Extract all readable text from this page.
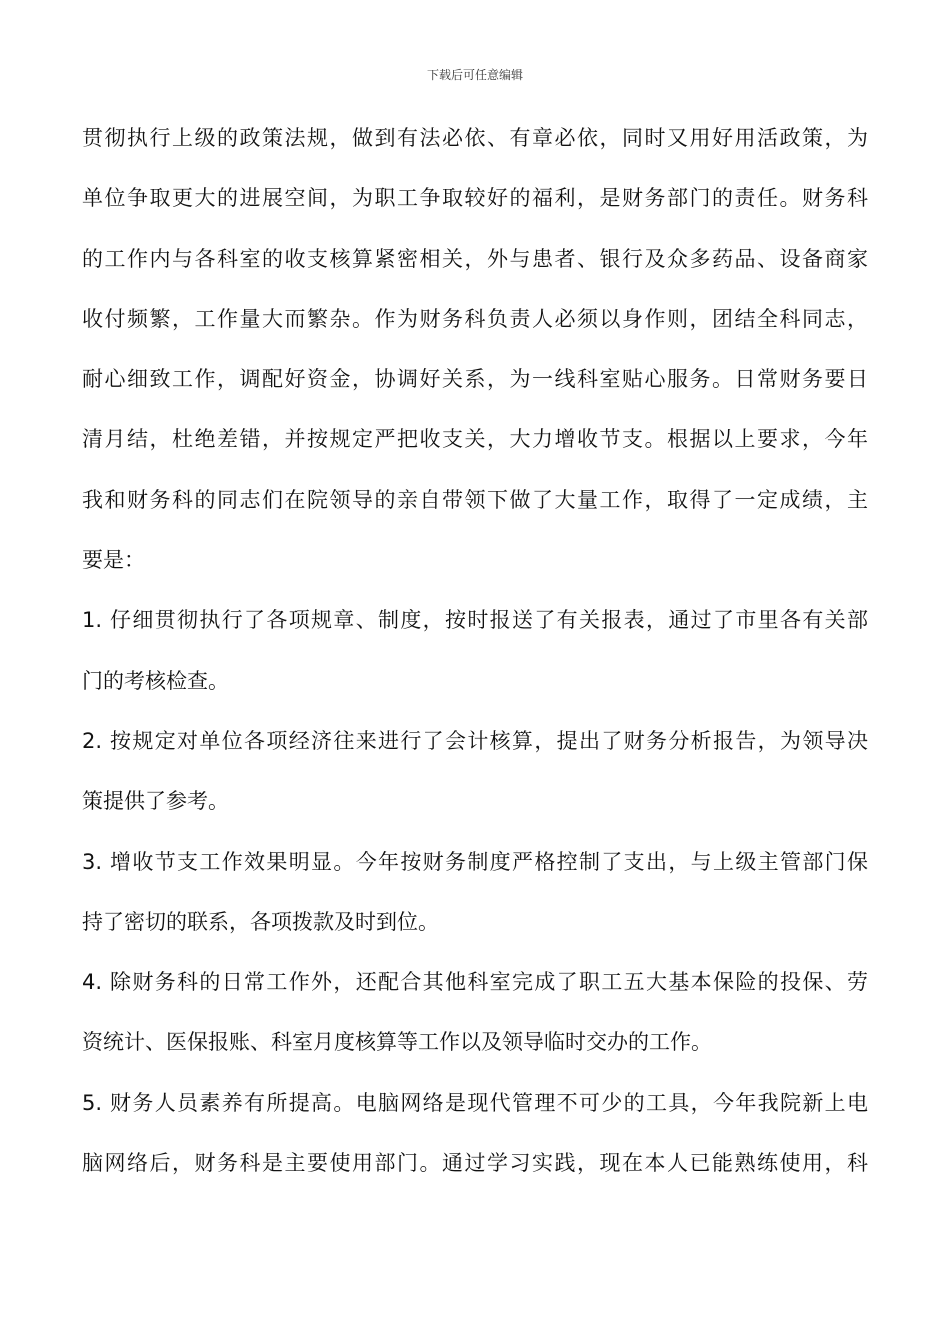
下载后可任意编辑
贯彻执行上级的政策法规，做到有法必依、有章必依，同时又用好用活政策，为
单位争取更大的进展空间，为职工争取较好的福利，是财务部门的责任。财务科
的工作内与各科室的收支核算紧密相关，外与患者、银行及众多药品、设备商家
收付频繁，工作量大而繁杂。作为财务科负责人必须以身作则，团结全科同志，
耐心细致工作，调配好资金，协调好关系，为一线科室贴心服务。日常财务要日
清月结，杜绝差错，并按规定严把收支关，大力增收节支。根据以上要求，今年
我和财务科的同志们在院领导的亲自带领下做了大量工作，取得了一定成绩，主
要是：
1. 仔细贯彻执行了各项规章、制度，按时报送了有关报表，通过了市里各有关部
门的考核检查。
2. 按规定对单位各项经济往来进行了会计核算，提出了财务分析报告，为领导决
策提供了参考。
3. 增收节支工作效果明显。今年按财务制度严格控制了支出，与上级主管部门保
持了密切的联系，各项拨款及时到位。
4. 除财务科的日常工作外，还配合其他科室完成了职工五大基本保险的投保、劳
资统计、医保报账、科室月度核算等工作以及领导临时交办的工作。
5. 财务人员素养有所提高。电脑网络是现代管理不可少的工具，今年我院新上电
脑网络后，财务科是主要使用部门。通过学习实践，现在本人已能熟练使用，科
